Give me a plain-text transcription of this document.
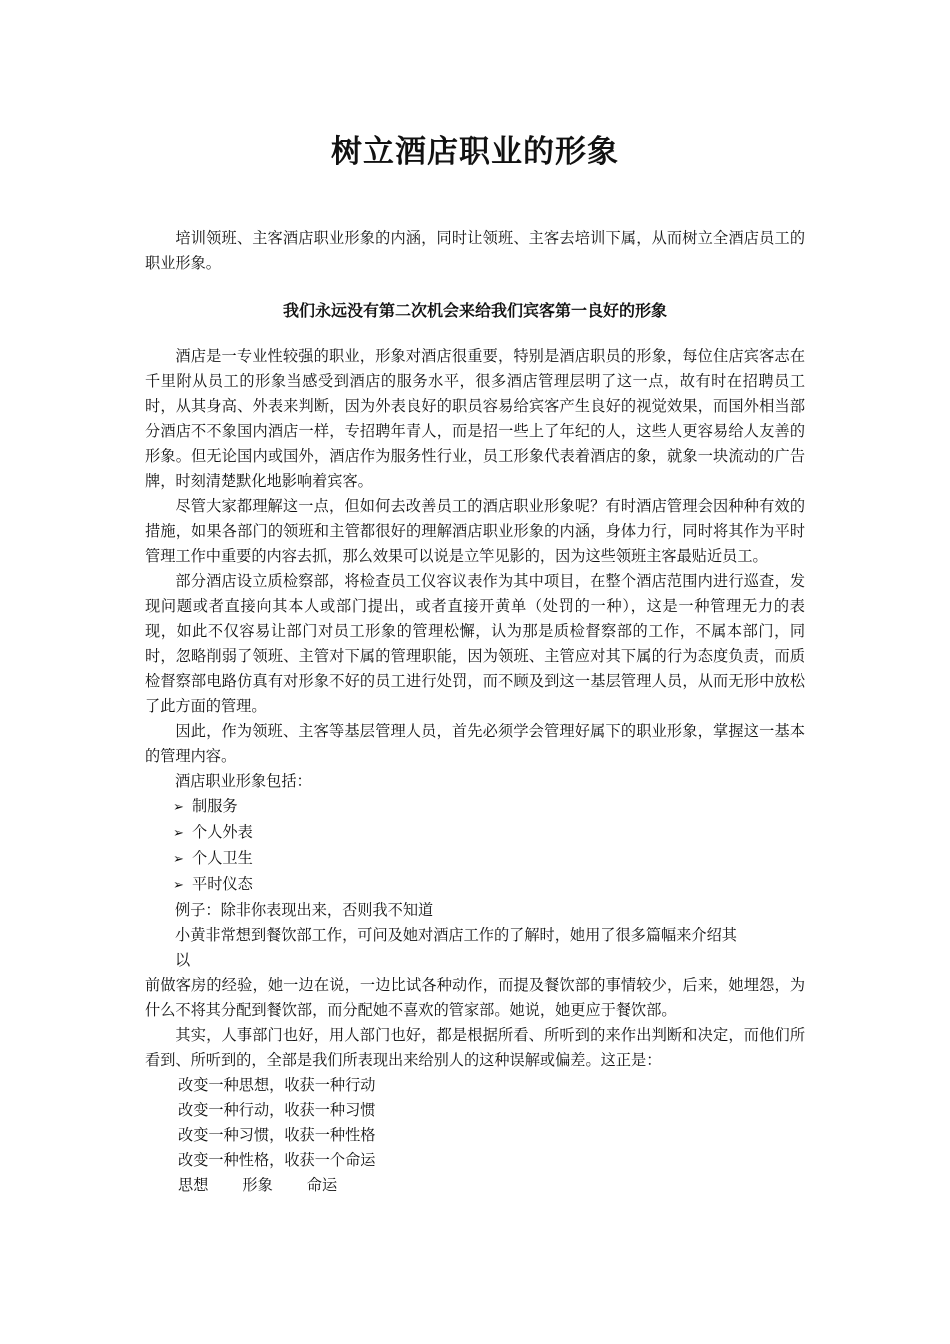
树立酒店职业的形象

培训领班、主客酒店职业形象的内涵，同时让领班、主客去培训下属，从而树立全酒店员工的职业形象。

我们永远没有第二次机会来给我们宾客第一良好的形象

酒店是一专业性较强的职业，形象对酒店很重要，特别是酒店职员的形象，每位住店宾客志在千里附从员工的形象当感受到酒店的服务水平，很多酒店管理层明了这一点，故有时在招聘员工时，从其身高、外表来判断，因为外表良好的职员容易给宾客产生良好的视觉效果，而国外相当部分酒店不不象国内酒店一样，专招聘年青人，而是招一些上了年纪的人，这些人更容易给人友善的形象。但无论国内或国外，酒店作为服务性行业，员工形象代表着酒店的象，就象一块流动的广告牌，时刻清楚默化地影响着宾客。

尽管大家都理解这一点，但如何去改善员工的酒店职业形象呢？有时酒店管理会因种种有效的措施，如果各部门的领班和主管都很好的理解酒店职业形象的内涵，身体力行，同时将其作为平时管理工作中重要的内容去抓，那么效果可以说是立竿见影的，因为这些领班主客最贴近员工。

部分酒店设立质检察部，将检查员工仪容议表作为其中项目，在整个酒店范围内进行巡查，发现问题或者直接向其本人或部门提出，或者直接开黄单（处罚的一种），这是一种管理无力的表现，如此不仅容易让部门对员工形象的管理松懈，认为那是质检督察部的工作，不属本部门，同时，忽略削弱了领班、主管对下属的管理职能，因为领班、主管应对其下属的行为态度负责，而质检督察部电路仿真有对形象不好的员工进行处罚，而不顾及到这一基层管理人员，从而无形中放松了此方面的管理。

因此，作为领班、主客等基层管理人员，首先必须学会管理好属下的职业形象，掌握这一基本的管理内容。

酒店职业形象包括：

➢ 制服务

➢ 个人外表

➢ 个人卫生

➢ 平时仪态

例子：除非你表现出来，否则我不知道

小黄非常想到餐饮部工作，可问及她对酒店工作的了解时，她用了很多篇幅来介绍其

以

前做客房的经验，她一边在说，一边比试各种动作，而提及餐饮部的事情较少，后来，她埋怨，为什么不将其分配到餐饮部，而分配她不喜欢的管家部。她说，她更应于餐饮部。

其实，人事部门也好，用人部门也好，都是根据所看、所听到的来作出判断和决定，而他们所看到、所听到的，全部是我们所表现出来给别人的这种误解或偏差。这正是：

改变一种思想，收获一种行动

改变一种行动，收获一种习惯

改变一种习惯，收获一种性格

改变一种性格，收获一个命运

思想 形象 命运
